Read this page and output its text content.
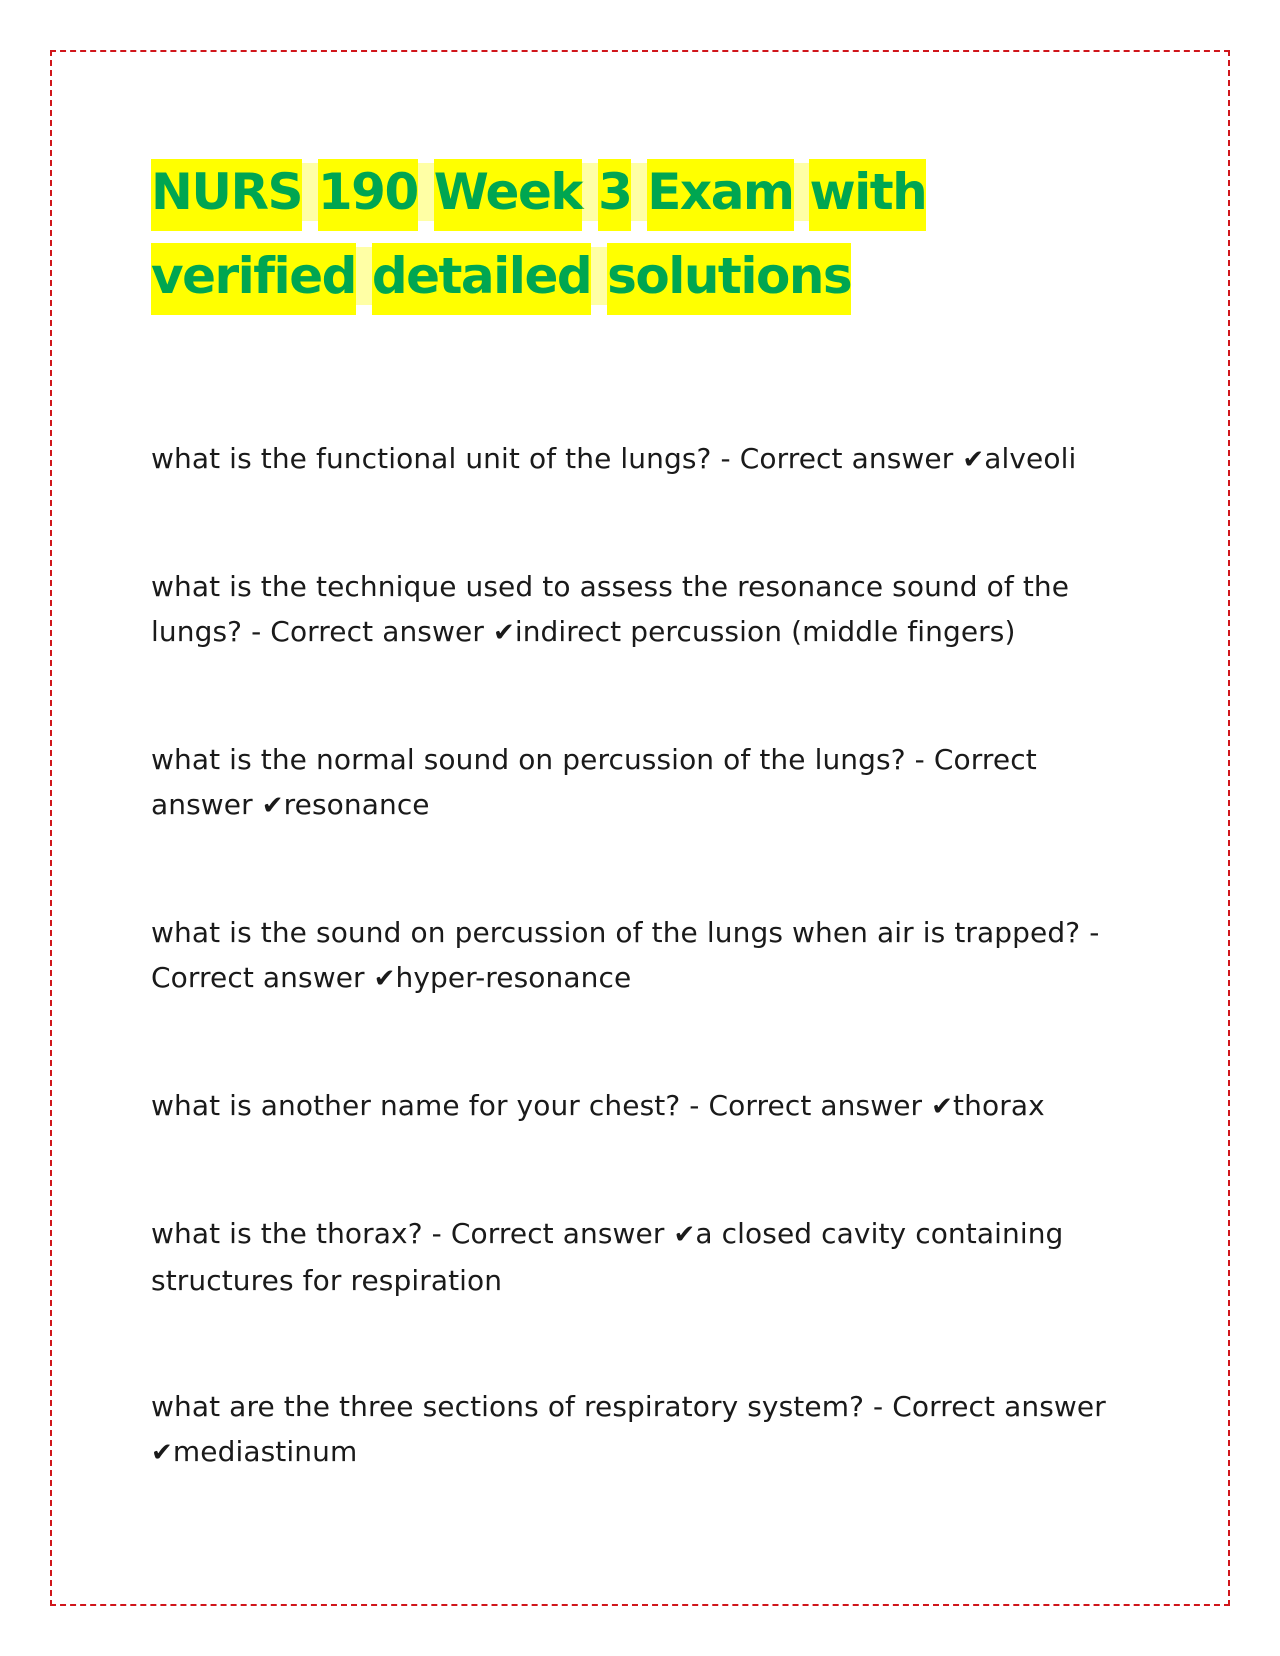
NURS 190 Week 3 Exam with verified detailed solutions

what is the functional unit of the lungs? - Correct answer ✔alveoli

what is the technique used to assess the resonance sound of the lungs? - Correct answer ✔indirect percussion (middle fingers)

what is the normal sound on percussion of the lungs? - Correct answer ✔resonance

what is the sound on percussion of the lungs when air is trapped? - Correct answer ✔hyper-resonance

what is another name for your chest? - Correct answer ✔thorax

what is the thorax? - Correct answer ✔a closed cavity containing structures for respiration

what are the three sections of respiratory system? - Correct answer ✔mediastinum
